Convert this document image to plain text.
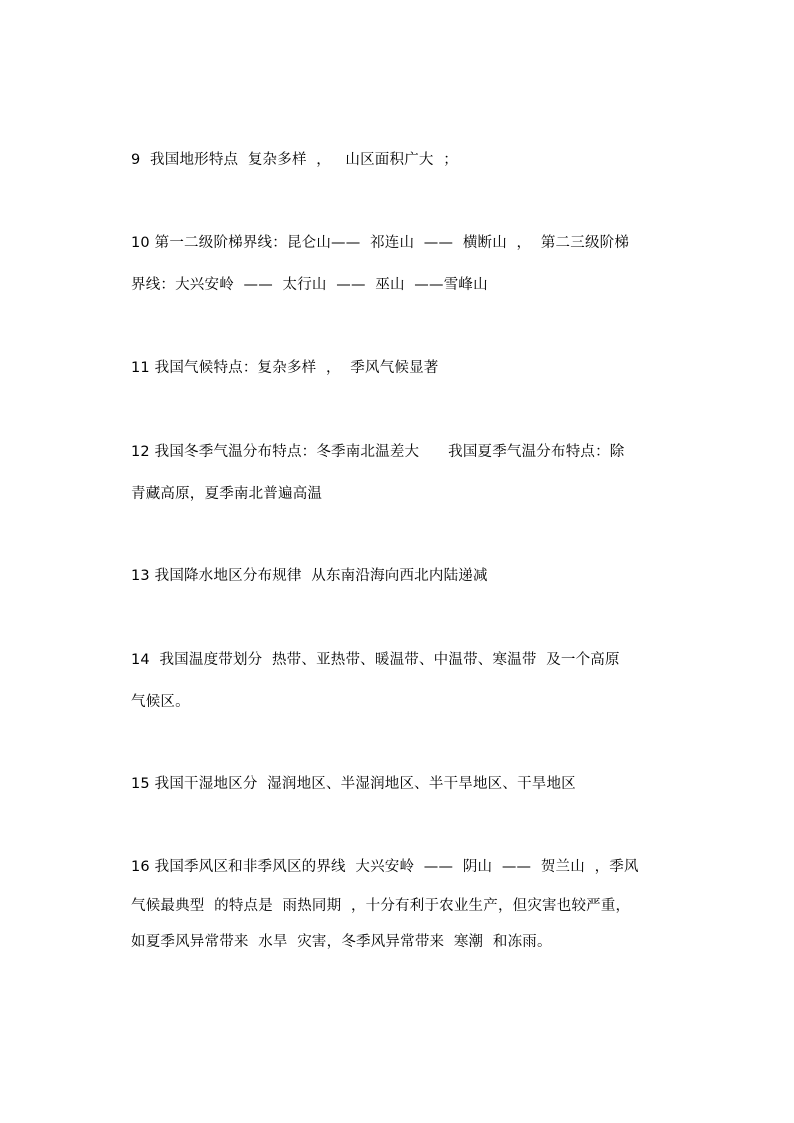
9  我国地形特点  复杂多样  ，   山区面积广大  ；
10 第一二级阶梯界线：昆仑山——  祁连山  ——  横断山  ，  第二三级阶梯
界线：大兴安岭  ——  太行山  ——  巫山  ——雪峰山
11 我国气候特点：复杂多样  ，  季风气候显著
12 我国冬季气温分布特点：冬季南北温差大      我国夏季气温分布特点：除
青藏高原，夏季南北普遍高温
13 我国降水地区分布规律  从东南沿海向西北内陆递减
14  我国温度带划分  热带、亚热带、暖温带、中温带、寒温带  及一个高原
气候区。
15 我国干湿地区分  湿润地区、半湿润地区、半干旱地区、干旱地区
16 我国季风区和非季风区的界线  大兴安岭  ——  阴山  ——  贺兰山  ，季风
气候最典型  的特点是  雨热同期  ，十分有利于农业生产，但灾害也较严重，
如夏季风异常带来  水旱  灾害，冬季风异常带来  寒潮  和冻雨。
